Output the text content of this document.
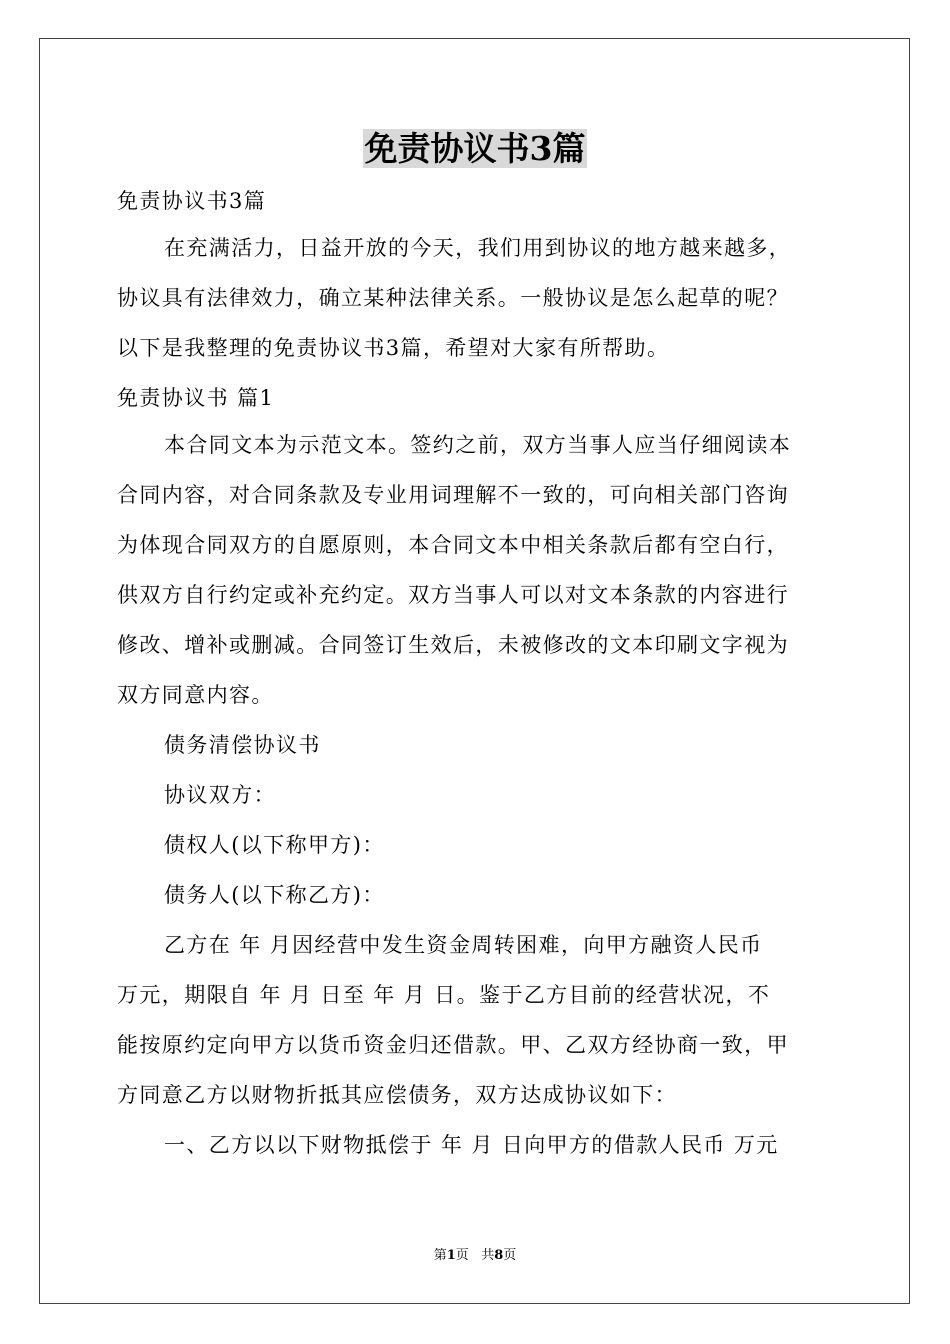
免责协议书3篇
免责协议书3篇
在充满活力，日益开放的今天，我们用到协议的地方越来越多，
协议具有法律效力，确立某种法律关系。一般协议是怎么起草的呢？
以下是我整理的免责协议书3篇，希望对大家有所帮助。
免责协议书 篇1
本合同文本为示范文本。签约之前，双方当事人应当仔细阅读本
合同内容，对合同条款及专业用词理解不一致的，可向相关部门咨询
为体现合同双方的自愿原则，本合同文本中相关条款后都有空白行，
供双方自行约定或补充约定。双方当事人可以对文本条款的内容进行
修改、增补或删减。合同签订生效后，未被修改的文本印刷文字视为
双方同意内容。
债务清偿协议书
协议双方：
债权人(以下称甲方)：
债务人(以下称乙方)：
乙方在 年 月因经营中发生资金周转困难，向甲方融资人民币
万元，期限自 年 月 日至 年 月 日。鉴于乙方目前的经营状况，不
能按原约定向甲方以货币资金归还借款。甲、乙双方经协商一致，甲
方同意乙方以财物折抵其应偿债务，双方达成协议如下：
一、乙方以以下财物抵偿于 年 月 日向甲方的借款人民币 万元
第1页 共8页
